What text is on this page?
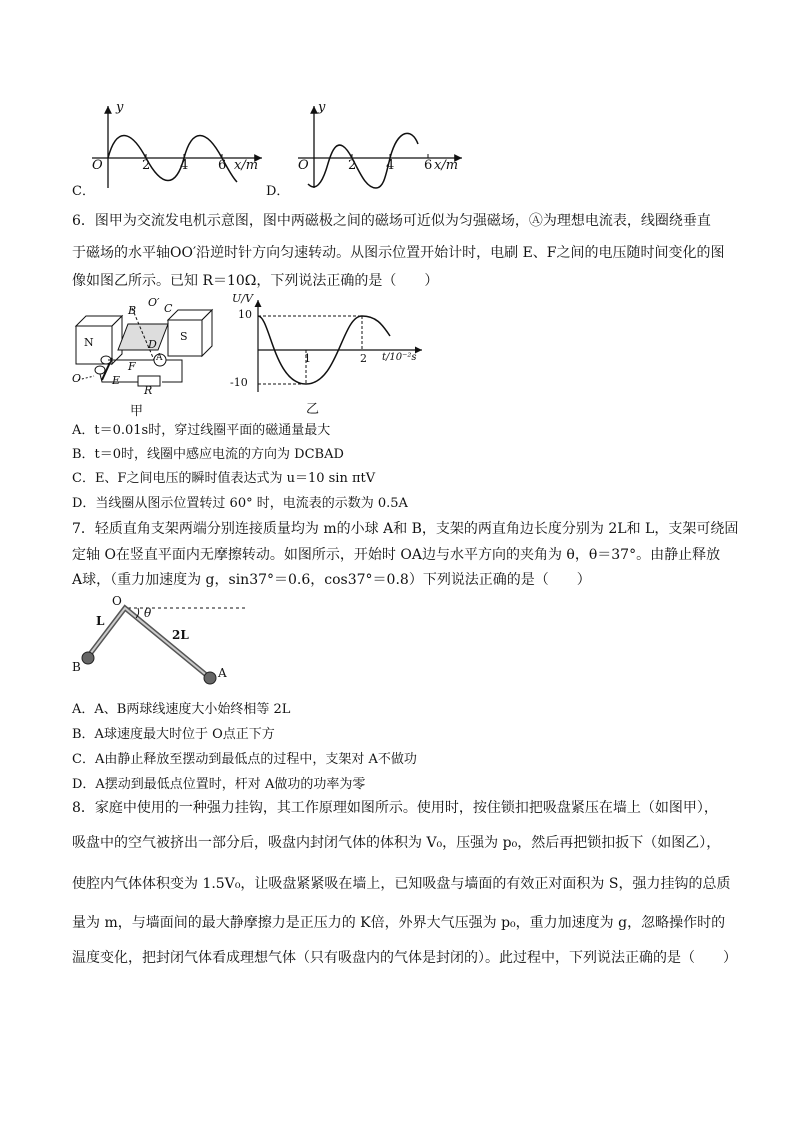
y
O	2 4 6 x/m
C．
y
O	2 4 6 x/m
D．
6．图甲为交流发电机示意图，图中两磁极之间的磁场可近似为匀强磁场，Ⓐ为理想电流表，线圈绕垂直
于磁场的水平轴OO′沿逆时针方向匀速转动。从图示位置开始计时，电刷 E、F之间的电压随时间变化的图
像如图乙所示。已知 R＝10Ω，下列说法正确的是（　　）
N	S
B
O′ C
D
A
F
E
R
O
甲
U/V
10
-10
1	2 t/10⁻²s
乙
A．t＝0.01s时，穿过线圈平面的磁通量最大
B．t＝0时，线圈中感应电流的方向为 DCBAD
C．E、F之间电压的瞬时值表达式为 u＝10 sin πtV
D．当线圈从图示位置转过 60° 时，电流表的示数为 0.5A
7．轻质直角支架两端分别连接质量均为 m的小球 A和 B，支架的两直角边长度分别为 2L和 L，支架可绕固
定轴 O在竖直平面内无摩擦转动。如图所示，开始时 OA边与水平方向的夹角为 θ，θ＝37°。由静止释放
A球，（重力加速度为 g，sin37°＝0.6，cos37°＝0.8）下列说法正确的是（　　）
O
θ
L
2L
B	A
A．A、B两球线速度大小始终相等 2L
B．A球速度最大时位于 O点正下方
C．A由静止释放至摆动到最低点的过程中，支架对 A不做功
D．A摆动到最低点位置时，杆对 A做功的功率为零
8．家庭中使用的一种强力挂钩，其工作原理如图所示。使用时，按住锁扣把吸盘紧压在墙上（如图甲），
吸盘中的空气被挤出一部分后，吸盘内封闭气体的体积为 V₀，压强为 p₀，然后再把锁扣扳下（如图乙），
使腔内气体体积变为 1.5V₀，让吸盘紧紧吸在墙上，已知吸盘与墙面的有效正对面积为 S，强力挂钩的总质
量为 m，与墙面间的最大静摩擦力是正压力的 K倍，外界大气压强为 p₀，重力加速度为 g，忽略操作时的
温度变化，把封闭气体看成理想气体（只有吸盘内的气体是封闭的）。此过程中，下列说法正确的是（　　）
